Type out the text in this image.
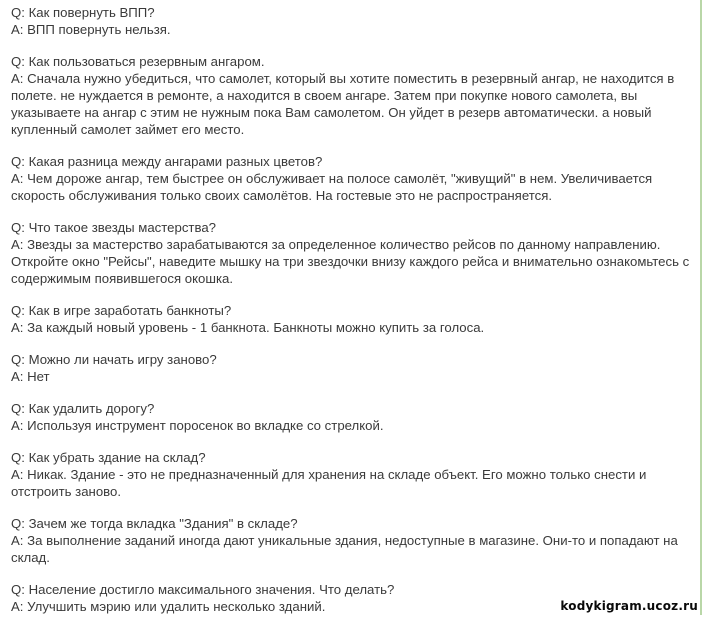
Q: Как повернуть ВПП?

А: ВПП повернуть нельзя.

Q: Как пользоваться резервным ангаром.

А: Сначала нужно убедиться, что самолет, который вы хотите поместить в резервный ангар, не находится в полете. не нуждается в ремонте, а находится в своем ангаре. Затем при покупке нового самолета, вы указываете на ангар с этим не нужным пока Вам самолетом. Он уйдет в резерв автоматически. а новый купленный самолет займет его место.

Q: Какая разница между ангарами разных цветов?

А: Чем дороже ангар, тем быстрее он обслуживает на полосе самолёт, "живущий" в нем. Увеличивается скорость обслуживания только своих самолётов. На гостевые это не распространяется.

Q: Что такое звезды мастерства?

А: Звезды за мастерство зарабатываются за определенное количество рейсов по данному направлению. Откройте окно "Рейсы", наведите мышку на три звездочки внизу каждого рейса и внимательно ознакомьтесь с содержимым появившегося окошка.

Q: Как в игре заработать банкноты?

А: За каждый новый уровень - 1 банкнота. Банкноты можно купить за голоса.

Q: Можно ли начать игру заново?

А: Нет

Q: Как удалить дорогу?

А: Используя инструмент поросенок во вкладке со стрелкой.

Q: Как убрать здание на склад?

А: Никак. Здание - это не предназначенный для хранения на складе объект. Его можно только снести и отстроить заново.

Q: Зачем же тогда вкладка "Здания" в складе?

А: За выполнение заданий иногда дают уникальные здания, недоступные в магазине. Они-то и попадают на склад.

Q: Население достигло максимального значения. Что делать?

А: Улучшить мэрию или удалить несколько зданий.	kodykigram.ucoz.ru
